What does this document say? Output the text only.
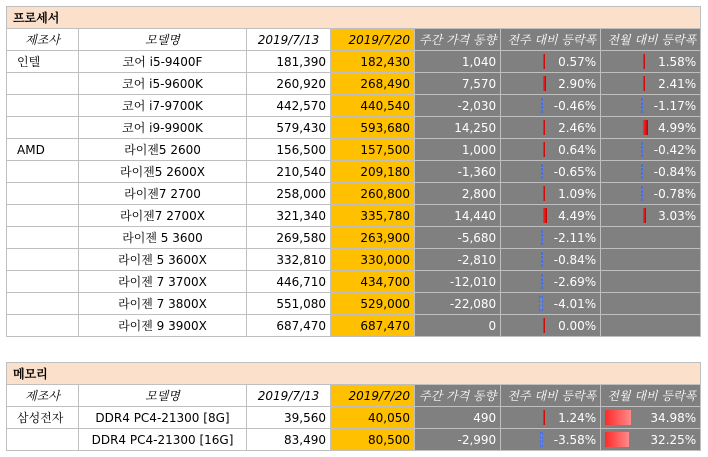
프로세서						
제조사	모델명	2019/7/13	2019/7/20	주간 가격 동향	전주 대비 등락폭	전월 대비 등락폭
인텔	코어 i5-9400F	181,390	182,430	1,040	0.57%	1.58%
	코어 i5-9600K	260,920	268,490	7,570	2.90%	2.41%
	코어 i7-9700K	442,570	440,540	-2,030	-0.46%	-1.17%
	코어 i9-9900K	579,430	593,680	14,250	2.46%	4.99%
AMD	라이젠5 2600	156,500	157,500	1,000	0.64%	-0.42%
	라이젠5 2600X	210,540	209,180	-1,360	-0.65%	-0.84%
	라이젠7 2700	258,000	260,800	2,800	1.09%	-0.78%
	라이젠7 2700X	321,340	335,780	14,440	4.49%	3.03%
	라이젠 5 3600	269,580	263,900	-5,680	-2.11%	
	라이젠 5 3600X	332,810	330,000	-2,810	-0.84%	
	라이젠 7 3700X	446,710	434,700	-12,010	-2.69%	
	라이젠 7 3800X	551,080	529,000	-22,080	-4.01%	
	라이젠 9 3900X	687,470	687,470	0	0.00%	
메모리						
제조사	모델명	2019/7/13	2019/7/20	주간 가격 동향	전주 대비 등락폭	전월 대비 등락폭
삼성전자	DDR4 PC4-21300 [8G]	39,560	40,050	490	1.24%	34.98%
	DDR4 PC4-21300 [16G]	83,490	80,500	-2,990	-3.58%	32.25%
